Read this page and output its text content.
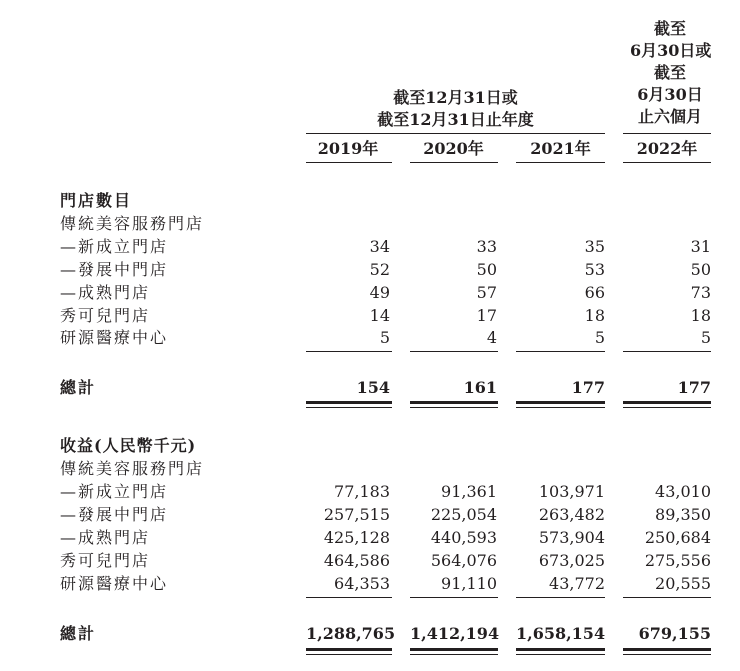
截至
6月30日或
截至
6月30日
止六個月
截至12月31日或
截至12月31日止年度
2019年	2020年	2021年	2022年
門店數目
傳統美容服務門店
—新成立門店	34	33	35	31
—發展中門店	52	50	53	50
—成熟門店	49	57	66	73
秀可兒門店	14	17	18	18
研源醫療中心	5	4	5	5
總計	154	161	177	177
收益(人民幣千元)
傳統美容服務門店
—新成立門店	77,183	91,361	103,971	43,010
—發展中門店	257,515	225,054	263,482	89,350
—成熟門店	425,128	440,593	573,904	250,684
秀可兒門店	464,586	564,076	673,025	275,556
研源醫療中心	64,353	91,110	43,772	20,555
總計	1,288,765 1,412,194 1,658,154	679,155
